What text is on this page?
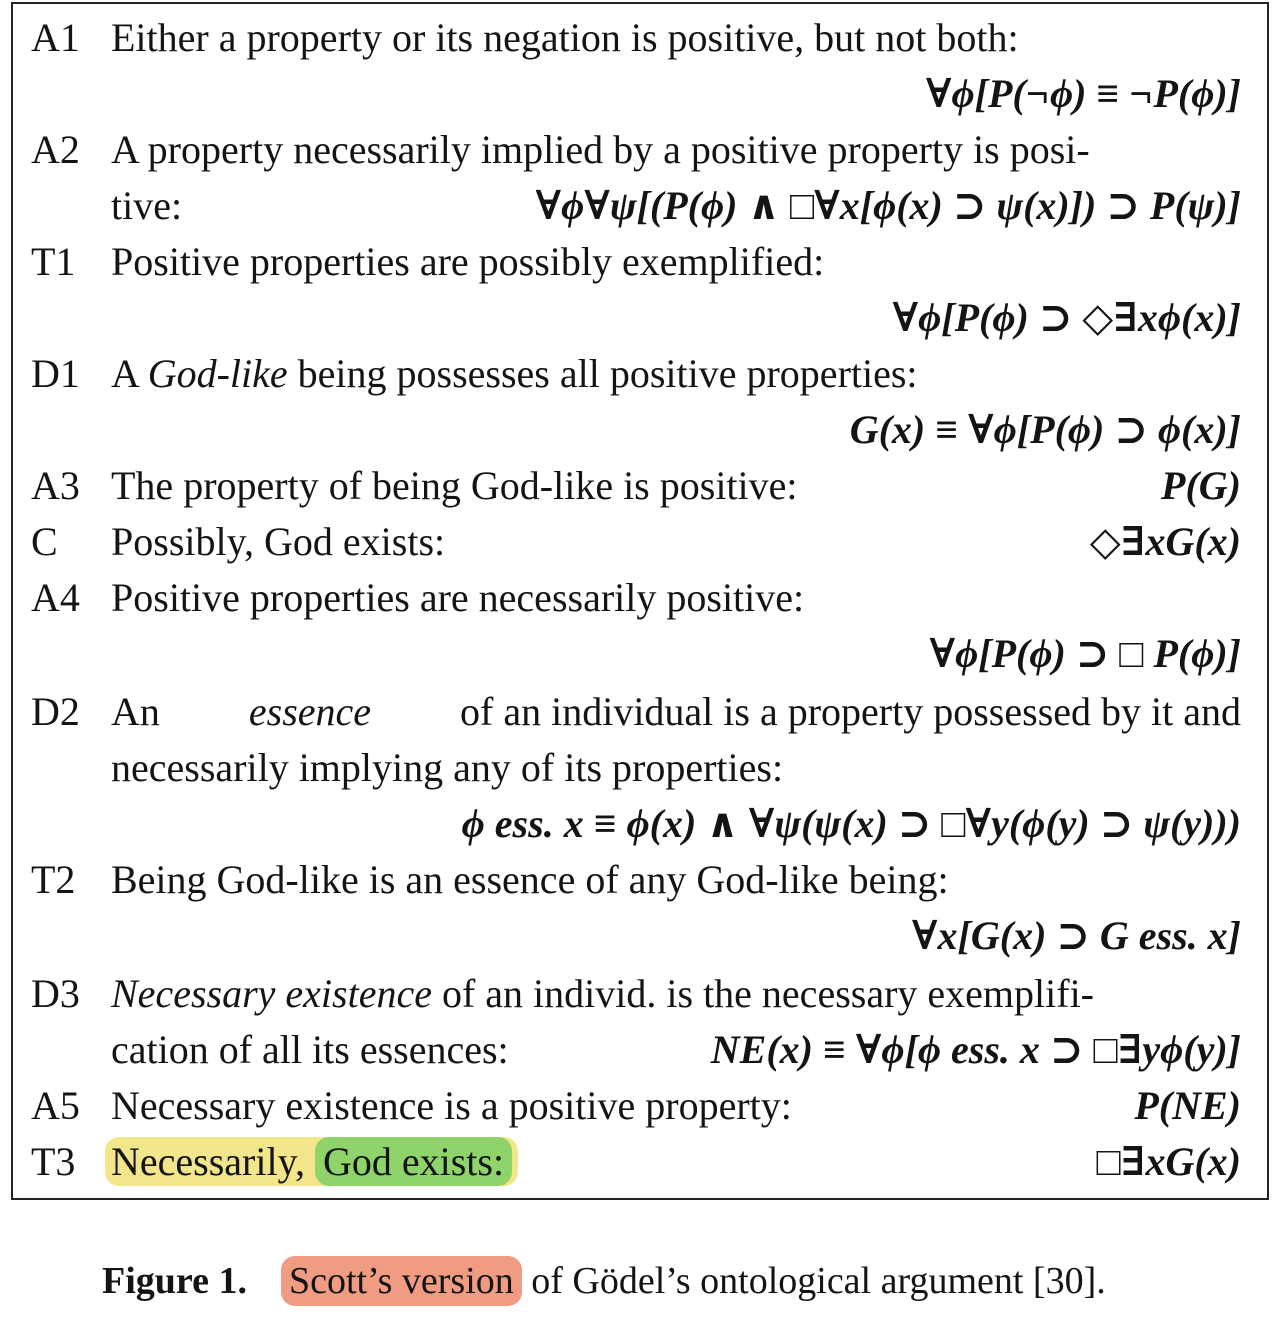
A1 Either a property or its negation is positive, but not both:
∀ϕ[P(¬ϕ) ≡ ¬P(ϕ)]
A2 A property necessarily implied by a positive property is posi-
tive:	∀ϕ∀ψ[(P(ϕ) ∧ □∀x[ϕ(x) ⊃ ψ(x)]) ⊃ P(ψ)]
T1 Positive properties are possibly exemplified:
∀ϕ[P(ϕ) ⊃ ◇∃xϕ(x)]
D1 A God-like being possesses all positive properties:
G(x) ≡ ∀ϕ[P(ϕ) ⊃ ϕ(x)]
A3 The property of being God-like is positive:	P(G)
C Possibly, God exists:	◇∃xG(x)
A4 Positive properties are necessarily positive:
∀ϕ[P(ϕ) ⊃ □ P(ϕ)]
D2 An essence of an individual is a property possessed by it and
necessarily implying any of its properties:
ϕ ess. x ≡ ϕ(x) ∧ ∀ψ(ψ(x) ⊃ □∀y(ϕ(y) ⊃ ψ(y)))
T2 Being God-like is an essence of any God-like being:
∀x[G(x) ⊃ G ess. x]
D3 Necessary existence of an individ. is the necessary exemplifi-
cation of all its essences:	NE(x) ≡ ∀ϕ[ϕ ess. x ⊃ □∃yϕ(y)]
A5 Necessary existence is a positive property:	P(NE)
T3 Necessarily, God exists:	□∃xG(x)
Figure 1. Scott’s version of Gödel’s ontological argument [30].
